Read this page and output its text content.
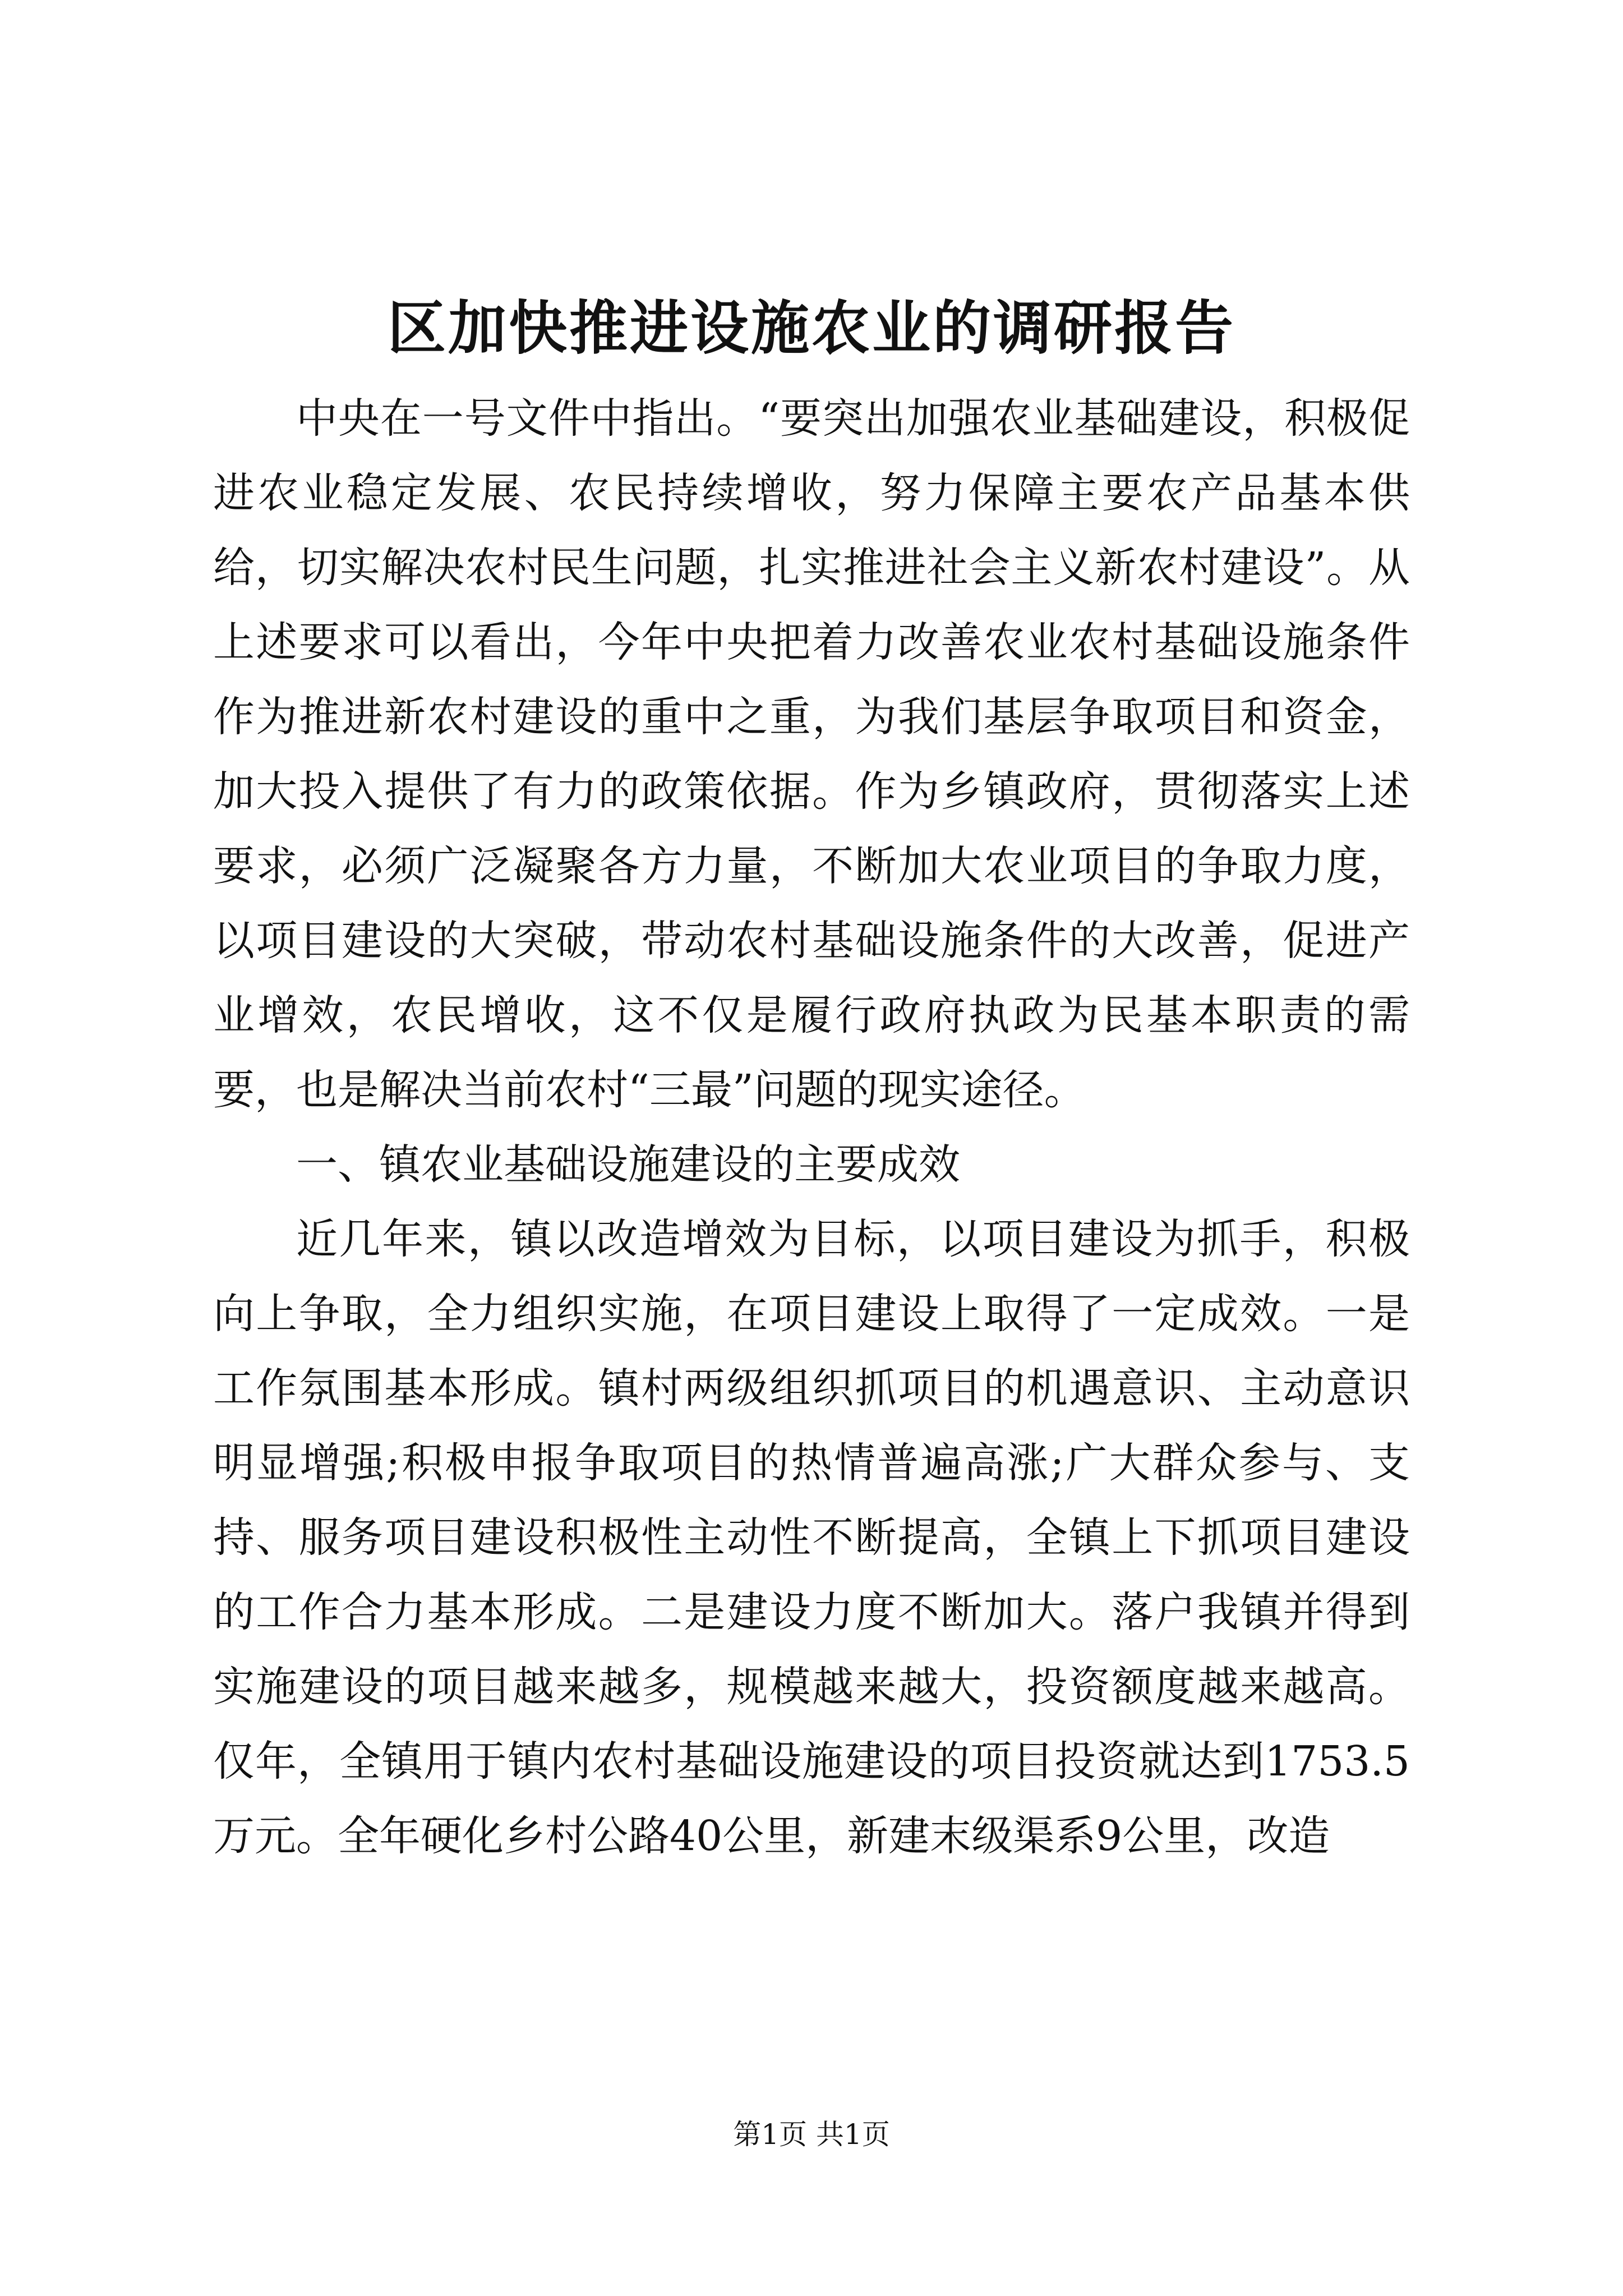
区加快推进设施农业的调研报告

中央在一号文件中指出。“要突出加强农业基础建设，积极促进农业稳定发展、农民持续增收，努力保障主要农产品基本供给，切实解决农村民生问题，扎实推进社会主义新农村建设”。从上述要求可以看出，今年中央把着力改善农业农村基础设施条件作为推进新农村建设的重中之重，为我们基层争取项目和资金，加大投入提供了有力的政策依据。作为乡镇政府，贯彻落实上述要求，必须广泛凝聚各方力量，不断加大农业项目的争取力度，以项目建设的大突破，带动农村基础设施条件的大改善，促进产业增效，农民增收，这不仅是履行政府执政为民基本职责的需要，也是解决当前农村“三最”问题的现实途径。

一、镇农业基础设施建设的主要成效

近几年来，镇以改造增效为目标，以项目建设为抓手，积极向上争取，全力组织实施，在项目建设上取得了一定成效。一是工作氛围基本形成。镇村两级组织抓项目的机遇意识、主动意识明显增强;积极申报争取项目的热情普遍高涨;广大群众参与、支持、服务项目建设积极性主动性不断提高，全镇上下抓项目建设的工作合力基本形成。二是建设力度不断加大。落户我镇并得到实施建设的项目越来越多，规模越来越大，投资额度越来越高。仅年，全镇用于镇内农村基础设施建设的项目投资就达到1753.5万元。全年硬化乡村公路40公里，新建末级渠系9公里，改造

第1页 共1页
